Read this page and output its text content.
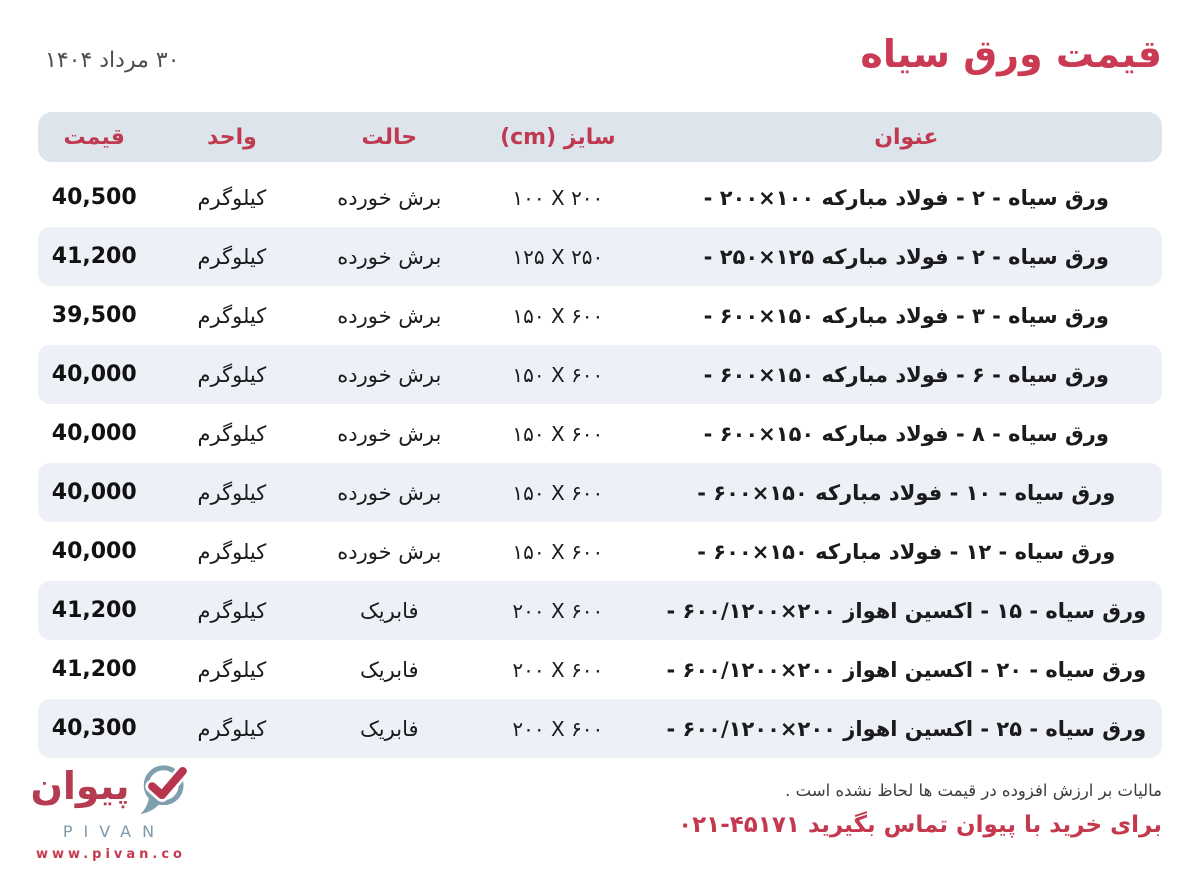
قیمت ورق سیاه
۳۰ مرداد ۱۴۰۴
عنوان
سایز (cm)
حالت
واحد
قیمت
ورق سیاه - ۲ - فولاد مبارکه ۱۰۰×۲۰۰ -
۱۰۰ X ۲۰۰
برش خورده
کیلوگرم
40,500
ورق سیاه - ۲ - فولاد مبارکه ۱۲۵×۲۵۰ -
۱۲۵ X ۲۵۰
برش خورده
کیلوگرم
41,200
ورق سیاه - ۳ - فولاد مبارکه ۱۵۰×۶۰۰ -
۱۵۰ X ۶۰۰
برش خورده
کیلوگرم
39,500
ورق سیاه - ۶ - فولاد مبارکه ۱۵۰×۶۰۰ -
۱۵۰ X ۶۰۰
برش خورده
کیلوگرم
40,000
ورق سیاه - ۸ - فولاد مبارکه ۱۵۰×۶۰۰ -
۱۵۰ X ۶۰۰
برش خورده
کیلوگرم
40,000
ورق سیاه - ۱۰ - فولاد مبارکه ۱۵۰×۶۰۰ -
۱۵۰ X ۶۰۰
برش خورده
کیلوگرم
40,000
ورق سیاه - ۱۲ - فولاد مبارکه ۱۵۰×۶۰۰ -
۱۵۰ X ۶۰۰
برش خورده
کیلوگرم
40,000
ورق سیاه - ۱۵ - اکسین اهواز ۲۰۰×۶۰۰/۱۲۰۰ -
۲۰۰ X ۶۰۰
فابریک
کیلوگرم
41,200
ورق سیاه - ۲۰ - اکسین اهواز ۲۰۰×۶۰۰/۱۲۰۰ -
۲۰۰ X ۶۰۰
فابریک
کیلوگرم
41,200
ورق سیاه - ۲۵ - اکسین اهواز ۲۰۰×۶۰۰/۱۲۰۰ -
۲۰۰ X ۶۰۰
فابریک
کیلوگرم
40,300
مالیات بر ارزش افزوده در قیمت ها لحاظ نشده است .
برای خرید با پیوان تماس بگیرید ۴۵۱۷۱-۰۲۱
پیوان
PIVAN
www.pivan.co
